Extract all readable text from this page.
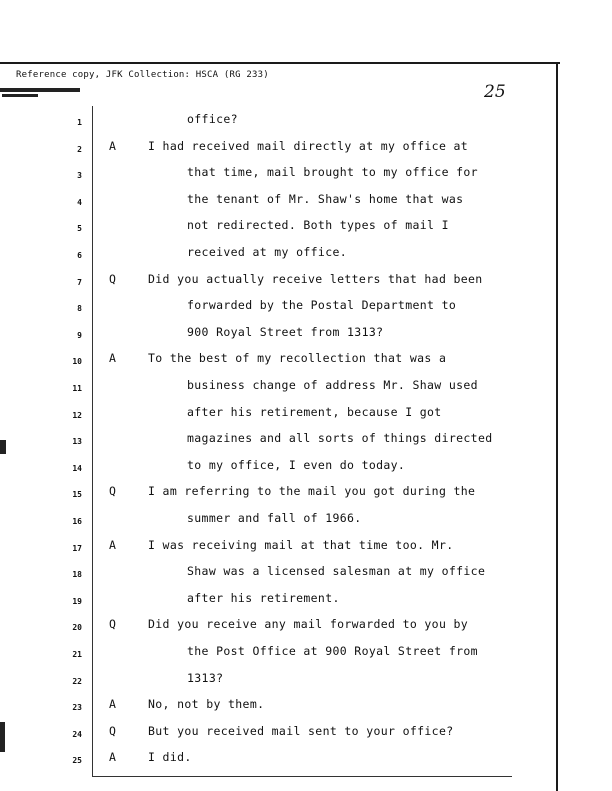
Reference copy, JFK Collection: HSCA (RG 233)
25
1	office?
2 A	I had received mail directly at my office at
3	that time, mail brought to my office for
4	the tenant of Mr. Shaw's home that was
5	not redirected. Both types of mail I
6	received at my office.
7 Q	Did you actually receive letters that had been
8	forwarded by the Postal Department to
9	900 Royal Street from 1313?
10 A	To the best of my recollection that was a
11	business change of address Mr. Shaw used
12	after his retirement, because I got
13	magazines and all sorts of things directed
14	to my office, I even do today.
15 Q	I am referring to the mail you got during the
16	summer and fall of 1966.
17 A	I was receiving mail at that time too. Mr.
18	Shaw was a licensed salesman at my office
19	after his retirement.
20 Q	Did you receive any mail forwarded to you by
21	the Post Office at 900 Royal Street from
22	1313?
23 A	No, not by them.
24 Q	But you received mail sent to your office?
25 A	I did.
